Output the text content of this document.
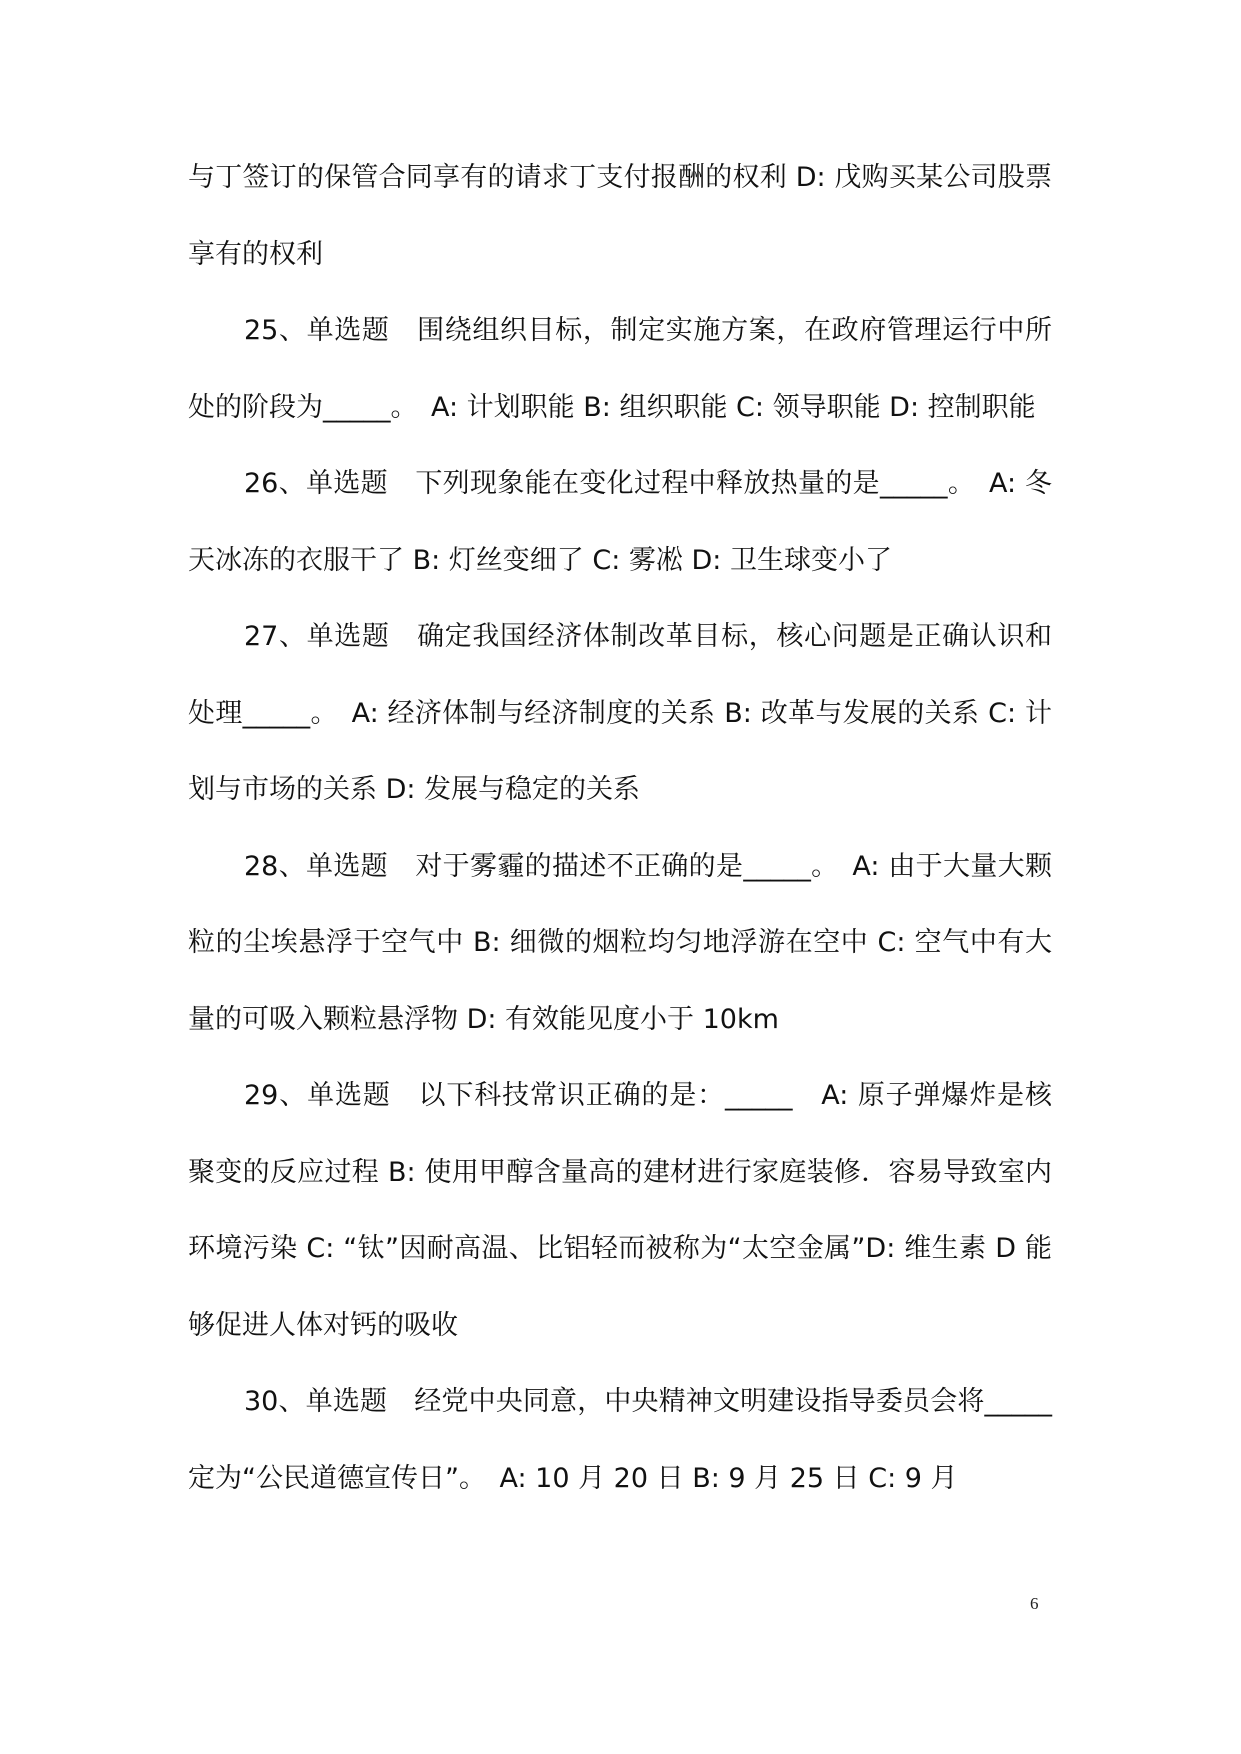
与丁签订的保管合同享有的请求丁支付报酬的权利 D: 戊购买某公司股票享有的权利

25、单选题　围绕组织目标，制定实施方案，在政府管理运行中所处的阶段为_____。　A: 计划职能 B: 组织职能 C: 领导职能 D: 控制职能

26、单选题　下列现象能在变化过程中释放热量的是_____。　A: 冬天冰冻的衣服干了 B: 灯丝变细了 C: 雾凇 D: 卫生球变小了

27、单选题　确定我国经济体制改革目标，核心问题是正确认识和处理_____。　A: 经济体制与经济制度的关系 B: 改革与发展的关系 C: 计划与市场的关系 D: 发展与稳定的关系

28、单选题　对于雾霾的描述不正确的是_____。　A: 由于大量大颗粒的尘埃悬浮于空气中 B: 细微的烟粒均匀地浮游在空中 C: 空气中有大量的可吸入颗粒悬浮物 D: 有效能见度小于 10km

29、单选题　以下科技常识正确的是：_____　A: 原子弹爆炸是核聚变的反应过程 B: 使用甲醇含量高的建材进行家庭装修．容易导致室内环境污染 C: “钛”因耐高温、比铝轻而被称为“太空金属”D: 维生素 D 能够促进人体对钙的吸收

30、单选题　经党中央同意，中央精神文明建设指导委员会将_____定为“公民道德宣传日”。　A: 10 月 20 日 B: 9 月 25 日 C: 9 月

6
